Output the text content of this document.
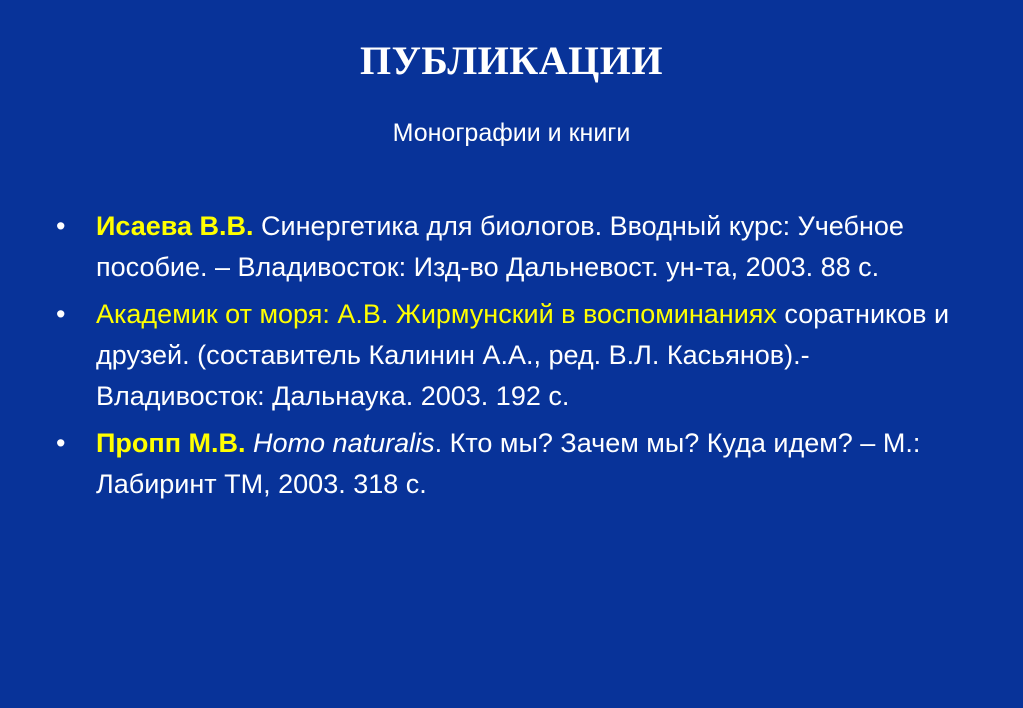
ПУБЛИКАЦИИ
Монографии и книги
•	Исаева В.В. Синергетика для биологов. Вводный курс: Учебное пособие. – Владивосток: Изд-во Дальневост. ун-та, 2003. 88 с.
•	Академик от моря: А.В. Жирмунский в воспоминаниях соратников и друзей. (составитель Калинин А.А., ред. В.Л. Касьянов).- Владивосток: Дальнаука. 2003. 192 с.
•	Пропп М.В. Homo naturalis. Кто мы? Зачем мы? Куда идем? – М.: Лабиринт ТМ, 2003. 318 с.
